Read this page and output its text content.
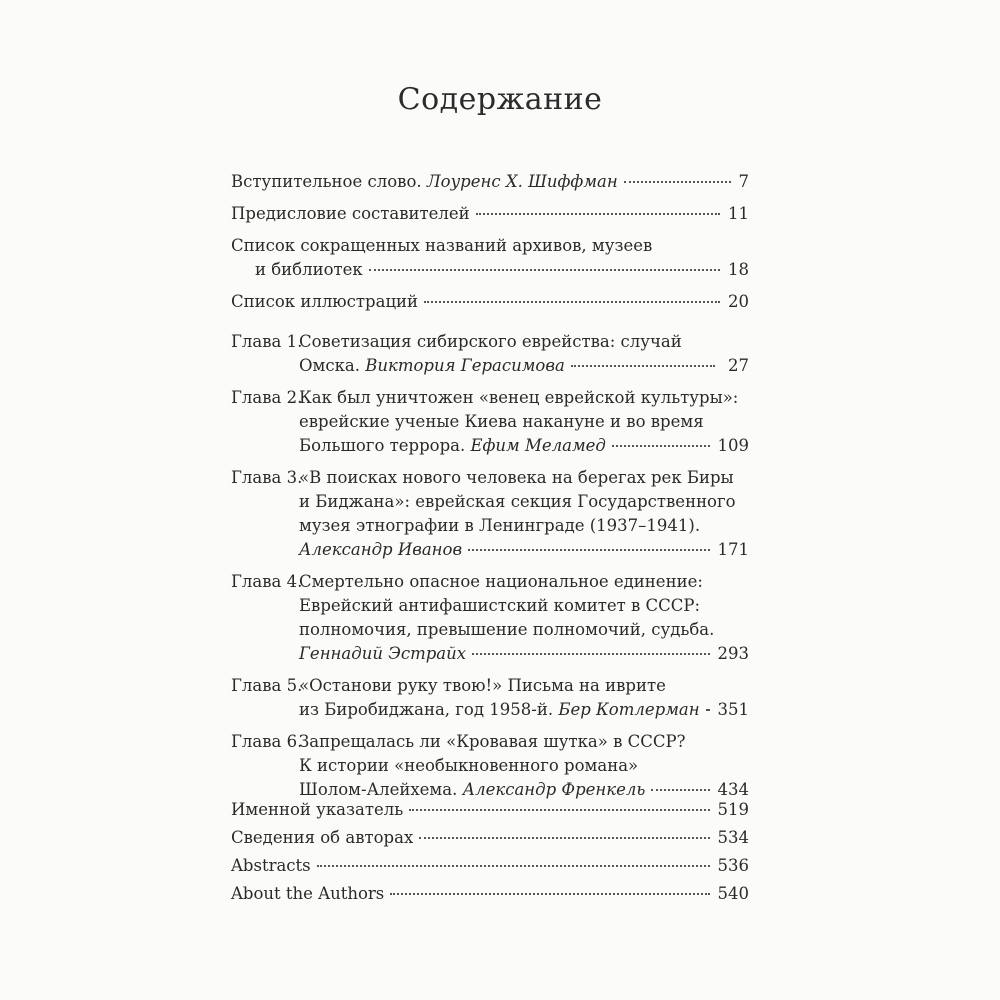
Содержание
Вступительное слово.
Лоуренс Х. Шиффман	7
Предисловие составителей	11
Список сокращенных названий архивов, музеев
и библиотек	18
Список иллюстраций	20
Глава 1.Советизация сибирского еврейства: случай
Омска.
Виктория Герасимова	27
Глава 2.Как был уничтожен «венец еврейской культуры»:
еврейские ученые Киева накануне и во время
Большого террора.
Ефим Меламед	109
Глава 3.«В поисках нового человека на берегах рек Биры
и Биджана»: еврейская секция Государственного
музея этнографии в Ленинграде (1937–1941).
Александр Иванов	171
Глава 4.Смертельно опасное национальное единение:
Еврейский антифашистский комитет в СССР:
полномочия, превышение полномочий, судьба.
Геннадий Эстрайх	293
Глава 5.«Останови руку твою!» Письма на иврите
из Биробиджана, год 1958-й.
Бер Котлерман 351
Глава 6.Запрещалась ли «Кровавая шутка» в СССР?
К истории «необыкновенного романа»
Шолом-Алейхема.
Александр Френкель	434
Именной указатель	519
Сведения об авторах	534
Abstracts	536
About the Authors	540
